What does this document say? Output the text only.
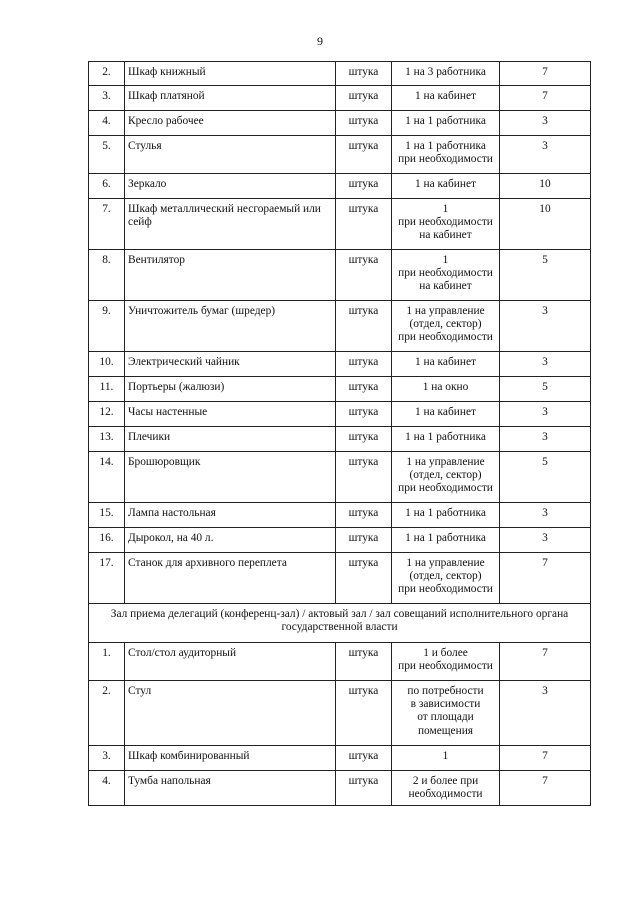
9
2.	Шкаф книжный	штука	1 на 3 работника	7
3.	Шкаф платяной	штука	1 на кабинет	7
4.	Кресло рабочее	штука	1 на 1 работника	3
5.	Стулья	штука	1 на 1 работника
при необходимости	3
6.	Зеркало	штука	1 на кабинет	10
7.	Шкаф металлический несгораемый или сейф	штука	1
при необходимости
на кабинет	10
8.	Вентилятор	штука	1
при необходимости
на кабинет	5
9.	Уничтожитель бумаг (шредер)	штука	1 на управление
(отдел, сектор)
при необходимости	3
10.	Электрический чайник	штука	1 на кабинет	3
11.	Портьеры (жалюзи)	штука	1 на окно	5
12.	Часы настенные	штука	1 на кабинет	3
13.	Плечики	штука	1 на 1 работника	3
14.	Брошюровщик	штука	1 на управление
(отдел, сектор)
при необходимости	5
15.	Лампа настольная	штука	1 на 1 работника	3
16.	Дырокол, на 40 л.	штука	1 на 1 работника	3
17.	Станок для архивного переплета	штука	1 на управление
(отдел, сектор)
при необходимости	7
Зал приема делегаций (конференц-зал) / актовый зал / зал совещаний исполнительного органа государственной власти				
1.	Стол/стол аудиторный	штука	1 и более
при необходимости	7
2.	Стул	штука	по потребности
в зависимости
от площади
помещения	3
3.	Шкаф комбинированный	штука	1	7
4.	Тумба напольная	штука	2 и более при
необходимости	7
